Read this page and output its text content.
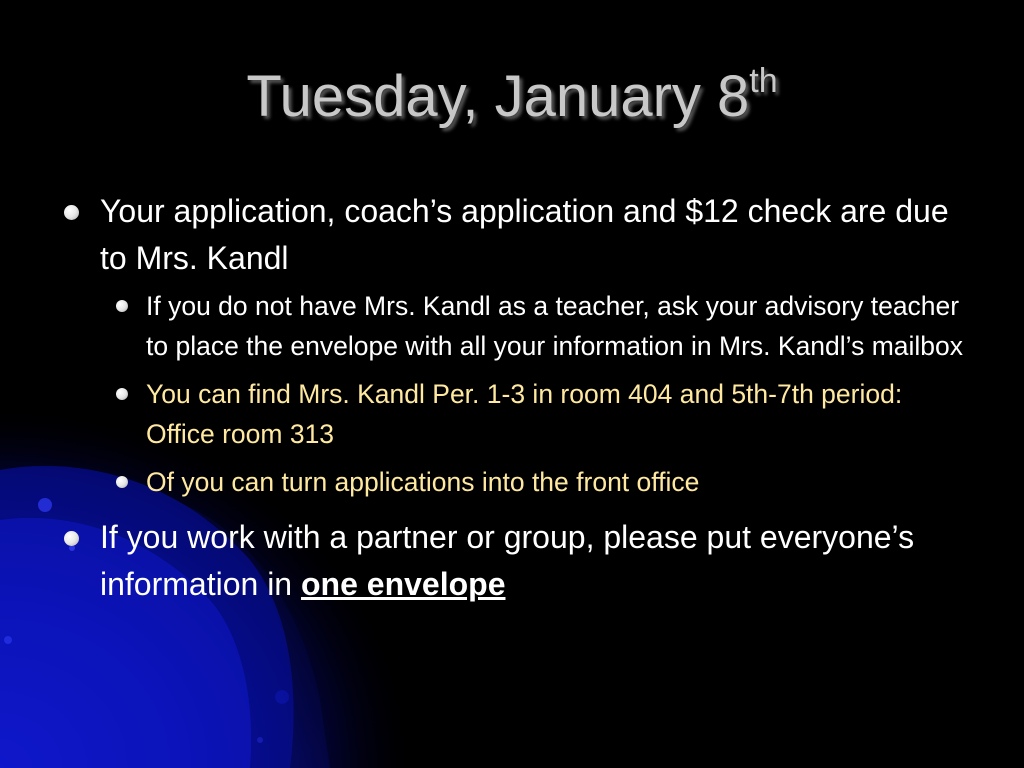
Tuesday, January 8th
Your application, coach’s application and $12 check are due to Mrs. Kandl
If you do not have Mrs. Kandl as a teacher, ask your advisory teacher to place the envelope with all your information in Mrs. Kandl’s mailbox
You can find Mrs. Kandl Per. 1-3 in room 404 and 5th-7th period: Office room 313
Of you can turn applications into the front office
If you work with a partner or group, please put everyone’s information in one envelope
